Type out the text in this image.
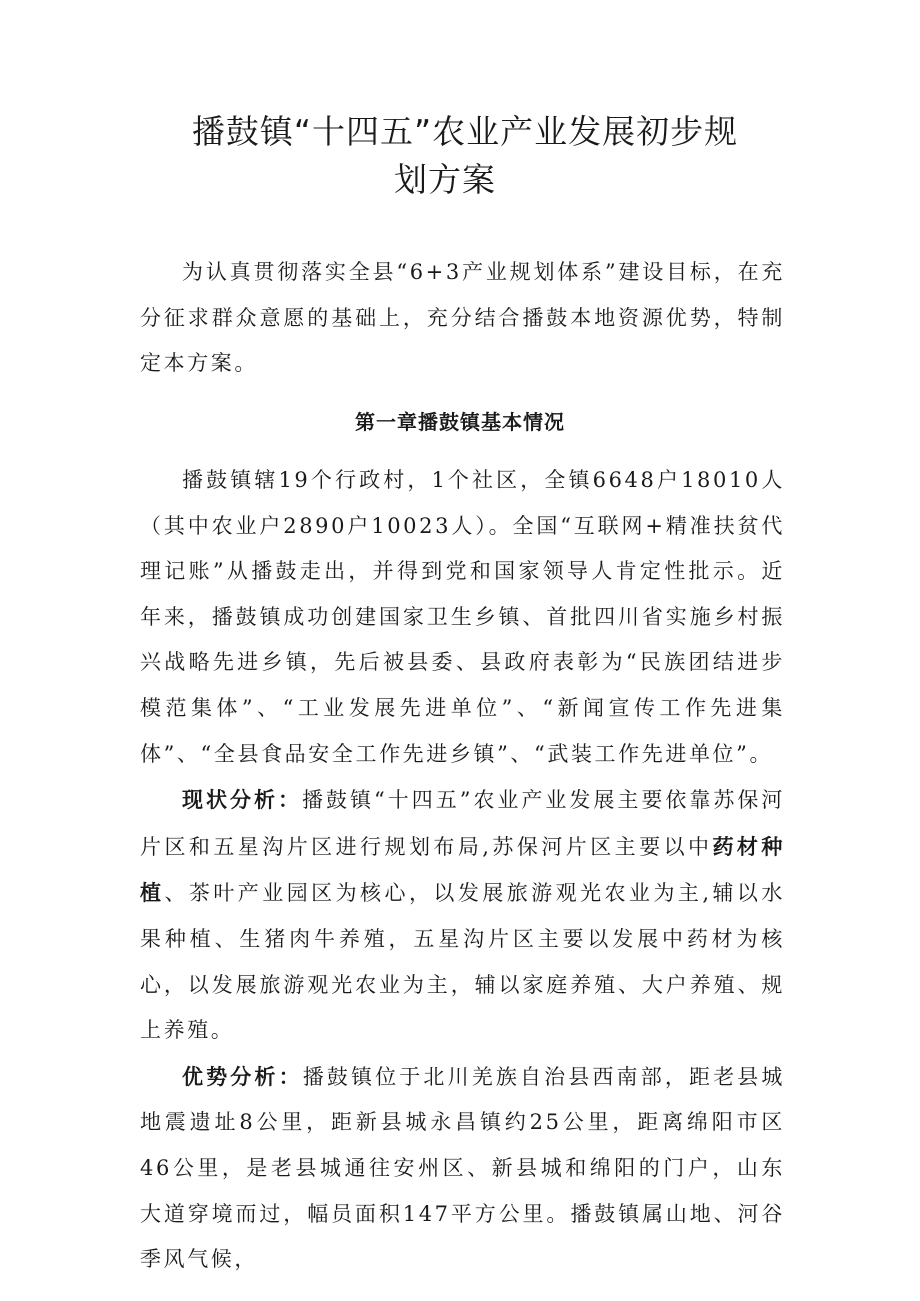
播鼓镇“十四五”农业产业发展初步规
划方案

为认真贯彻落实全县“6+3产业规划体系”建设目标，在充分征求群众意愿的基础上，充分结合播鼓本地资源优势，特制定本方案。

第一章播鼓镇基本情况

播鼓镇辖19个行政村，1个社区，全镇6648户18010人（其中农业户2890户10023人）。全国“互联网+精准扶贫代理记账”从播鼓走出，并得到党和国家领导人肯定性批示。近年来，播鼓镇成功创建国家卫生乡镇、首批四川省实施乡村振兴战略先进乡镇，先后被县委、县政府表彰为“民族团结进步模范集体”、“工业发展先进单位”、“新闻宣传工作先进集体”、“全县食品安全工作先进乡镇”、“武装工作先进单位”。

现状分析：播鼓镇“十四五”农业产业发展主要依靠苏保河片区和五星沟片区进行规划布局,苏保河片区主要以中药材种植、茶叶产业园区为核心，以发展旅游观光农业为主,辅以水果种植、生猪肉牛养殖，五星沟片区主要以发展中药材为核心，以发展旅游观光农业为主，辅以家庭养殖、大户养殖、规上养殖。

优势分析：播鼓镇位于北川羌族自治县西南部，距老县城地震遗址8公里，距新县城永昌镇约25公里，距离绵阳市区46公里，是老县城通往安州区、新县城和绵阳的门户，山东大道穿境而过，幅员面积147平方公里。播鼓镇属山地、河谷季风气候，
